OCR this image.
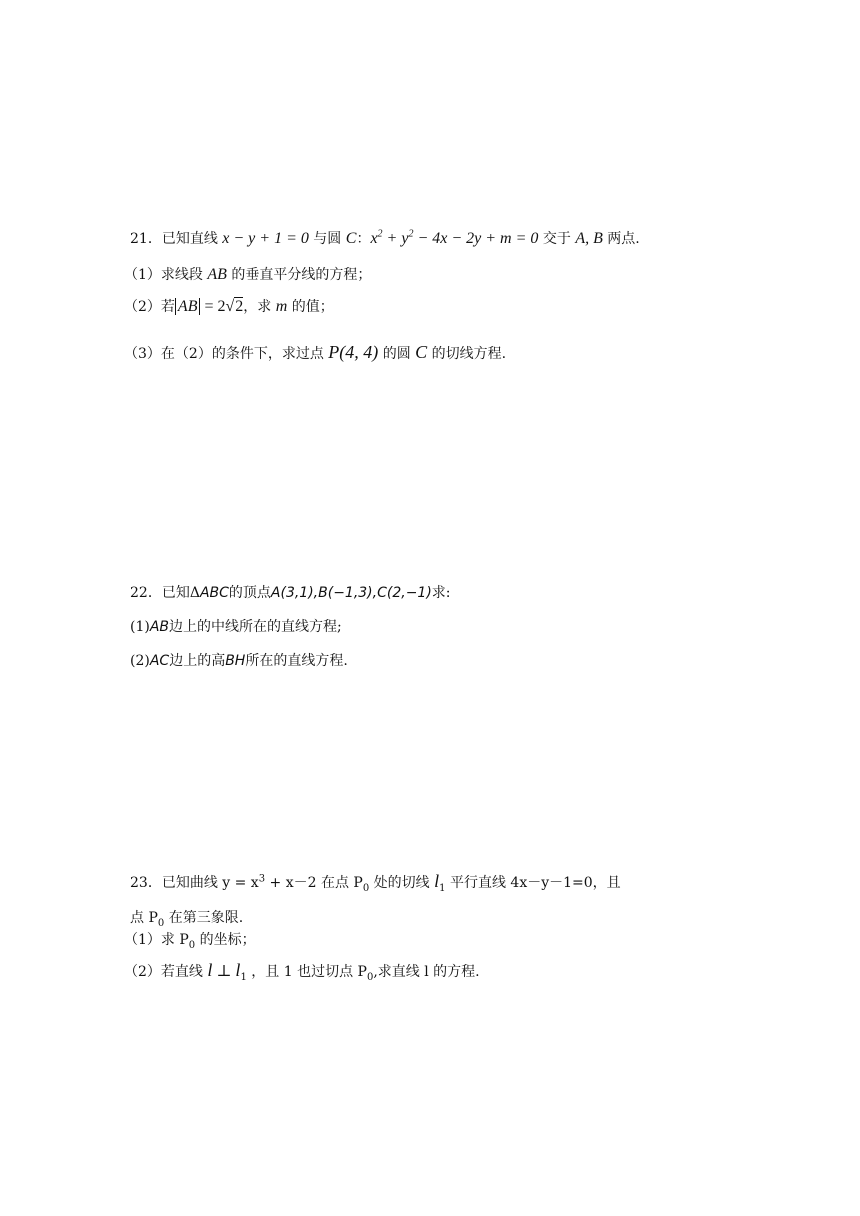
21．已知直线 x − y + 1 = 0 与圆 C：$x^2 + y^2 - 4x - 2y + m = 0$ 交于 A, B 两点.
（1）求线段 AB 的垂直平分线的方程；
（2）若 AB = 2√2，求 m 的值；
（3）在（2）的条件下，求过点 P(4, 4) 的圆 C 的切线方程.
22．已知ΔABC的顶点A(3,1),B(−1,3),C(2,−1)求:
(1)AB边上的中线所在的直线方程;
(2)AC边上的高BH所在的直线方程.
23．已知曲线 $y = x^3 + x-2$ 在点 $P_0$ 处的切线 $l_1$ 平行直线 4x－y－1=0，且
点 $P_0$ 在第三象限.
（1）求 $P_0$ 的坐标；
（2）若直线 l ⊥ $l_1$ ，且 1 也过切点 $P_0$,求直线 l 的方程.
